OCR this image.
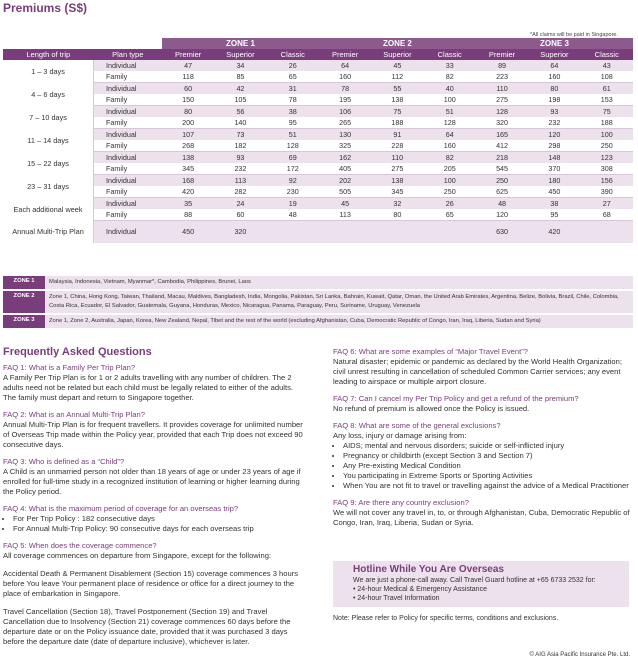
Premiums (S$)
*All claims will be paid in Singapore.
		ZONE 1			ZONE 2			ZONE 3		
Length of trip	Plan type	Premier	Superior	Classic	Premier	Superior	Classic	Premier	Superior	Classic
1 – 3 days	Individual	47	34	26	64	45	33	89	64	43
	Family	118	85	65	160	112	82	223	160	108
4 – 6 days	Individual	60	42	31	78	55	40	110	80	61
	Family	150	105	78	195	138	100	275	198	153
7 – 10 days	Individual	80	56	38	106	75	51	128	93	75
	Family	200	140	95	265	188	128	320	232	188
11 – 14 days	Individual	107	73	51	130	91	64	165	120	100
	Family	268	182	128	325	228	160	412	298	250
15 – 22 days	Individual	138	93	69	162	110	82	218	148	123
	Family	345	232	172	405	275	205	545	370	308
23 – 31 days	Individual	168	113	92	202	138	100	250	180	156
	Family	420	282	230	505	345	250	625	450	390
Each additional week	Individual	35	24	19	45	32	26	48	38	27
	Family	88	60	48	113	80	65	120	95	68
Annual Multi-Trip Plan	Individual	450	320					630	420	
ZONE 1	Malaysia, Indonesia, Vietnam, Myanmar*, Cambodia, Philippines, Brunei, Laos
ZONE 2	Zone 1, China, Hong Kong, Taiwan, Thailand, Macau, Maldives, Bangladesh, India, Mongolia, Pakistan, Sri Lanka, Bahrain, Kuwait, Qatar, Oman, the United Arab Emirates, Argentina, Belize, Bolivia, Brazil, Chile, Colombia, Costa Rica, Ecuador, El Salvador, Guatemala, Guyana, Honduras, Mexico, Nicaragua, Panama, Paraguay, Peru, Suriname, Uruguay, Venezuela
ZONE 3	Zone 1, Zone 2, Australia, Japan, Korea, New Zealand, Nepal, Tibet and the rest of the world (excluding Afghanistan, Cuba, Democratic Republic of Congo, Iran, Iraq, Liberia, Sudan and Syria)
Frequently Asked Questions
FAQ 1: What is a Family Per Trip Plan?
A Family Per Trip Plan is for 1 or 2 adults travelling with any number of children. The 2 adults need not be related but each child must be legally related to either of the adults. The family must depart and return to Singapore together.
FAQ 2: What is an Annual Multi-Trip Plan?
Annual Multi-Trip Plan is for frequent travellers. It provides coverage for unlimited number of Overseas Trip made within the Policy year, provided that each Trip does not exceed 90 consecutive days.
FAQ 3: Who is defined as a “Child”?
A Child is an unmarried person not older than 18 years of age or under 23 years of age if enrolled for full-time study in a recognized institution of learning or higher learning during the Policy period.
FAQ 4: What is the maximum period of coverage for an overseas trip?
• For Per Trip Policy : 182 consecutive days
• For Annual Multi-Trip Policy: 90 consecutive days for each overseas trip
FAQ 5: When does the coverage commence?
All coverage commences on departure from Singapore, except for the following:
Accidental Death & Permanent Disablement (Section 15) coverage commences 3 hours before You leave Your permanent place of residence or office for a direct journey to the place of embarkation in Singapore.
Travel Cancellation (Section 18), Travel Postponement (Section 19) and Travel Cancellation due to Insolvency (Section 21) coverage commences 60 days before the departure date or on the Policy issuance date, provided that it was purchased 3 days before the departure date (date of departure inclusive), whichever is later.
FAQ 6: What are some examples of “Major Travel Event”?
Natural disaster; epidemic or pandemic as declared by the World Health Organization; civil unrest resulting in cancellation of scheduled Common Carrier services; any event leading to airspace or multiple airport closure.
FAQ 7: Can I cancel my Per Trip Policy and get a refund of the premium?
No refund of premium is allowed once the Policy is issued.
FAQ 8: What are some of the general exclusions?
Any loss, injury or damage arising from:
• AIDS; mental and nervous disorders; suicide or self-inflicted injury
• Pregnancy or childbirth (except Section 3 and Section 7)
• Any Pre-existing Medical Condition
• You participating in Extreme Sports or Sporting Activities
• When You are not fit to travel or travelling against the advice of a Medical Practitioner
FAQ 9: Are there any country exclusion?
We will not cover any travel in, to, or through Afghanistan, Cuba, Democratic Republic of Congo, Iran, Iraq, Liberia, Sudan or Syria.
Hotline While You Are Overseas
We are just a phone-call away. Call Travel Guard hotline at +65 6733 2532 for:
• 24-hour Medical & Emergency Assistance
• 24-hour Travel Information
Note: Please refer to Policy for specific terms, conditions and exclusions.
© AIG Asia Pacific Insurance Pte. Ltd.
